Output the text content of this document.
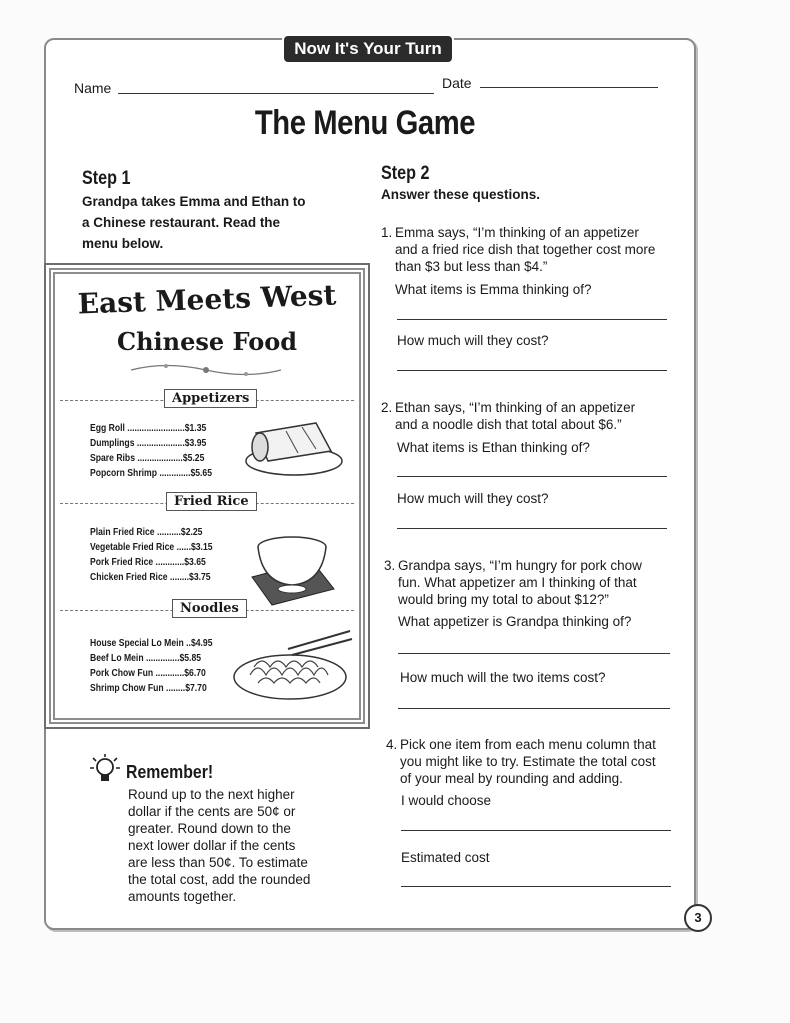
Now It's Your Turn
Name	Date
The Menu Game
Step 1
Grandpa takes Emma and Ethan to
a Chinese restaurant. Read the
menu below.
East Meets West
Chinese Food
Appetizers
Egg Roll ........................$1.35
Dumplings ....................$3.95
Spare Ribs ...................$5.25
Popcorn Shrimp .............$5.65
Fried Rice
Plain Fried Rice ..........$2.25
Vegetable Fried Rice ......$3.15
Pork Fried Rice ............$3.65
Chicken Fried Rice ........$3.75
Noodles
House Special Lo Mein ..$4.95
Beef Lo Mein ..............$5.85
Pork Chow Fun ............$6.70
Shrimp Chow Fun ........$7.70
Remember!
Round up to the next higher
dollar if the cents are 50¢ or
greater. Round down to the
next lower dollar if the cents
are less than 50¢. To estimate
the total cost, add the rounded
amounts together.
Step 2
Answer these questions.
1. Emma says, “I’m thinking of an appetizer
and a fried rice dish that together cost more
than $3 but less than $4.”
What items is Emma thinking of?
How much will they cost?
2. Ethan says, “I’m thinking of an appetizer
and a noodle dish that total about $6.”
What items is Ethan thinking of?
How much will they cost?
3. Grandpa says, “I’m hungry for pork chow
fun. What appetizer am I thinking of that
would bring my total to about $12?”
What appetizer is Grandpa thinking of?
How much will the two items cost?
4. Pick one item from each menu column that
you might like to try. Estimate the total cost
of your meal by rounding and adding.
I would choose
Estimated cost
3
